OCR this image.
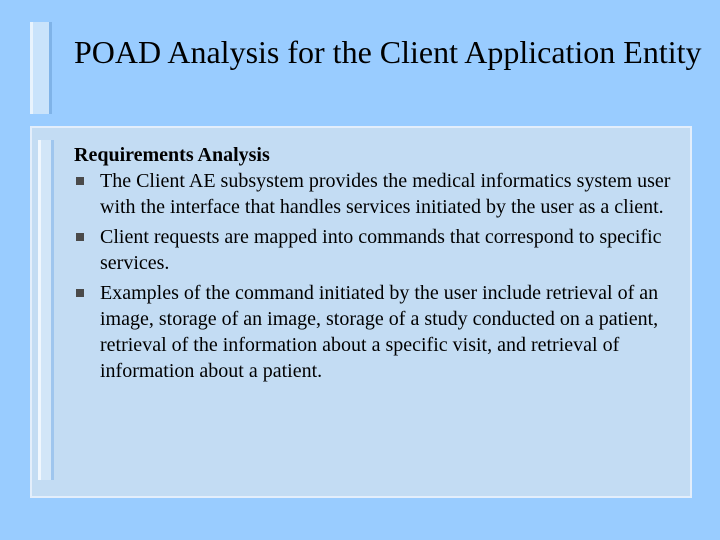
POAD Analysis for the Client Application Entity

Requirements Analysis

The Client AE subsystem provides the medical informatics system user with the interface that handles services initiated by the user as a client.
Client requests are mapped into commands that correspond to specific services.
Examples of the command initiated by the user include retrieval of an image, storage of an image, storage of a study conducted on a patient, retrieval of the information about a specific visit, and retrieval of information about a patient.
